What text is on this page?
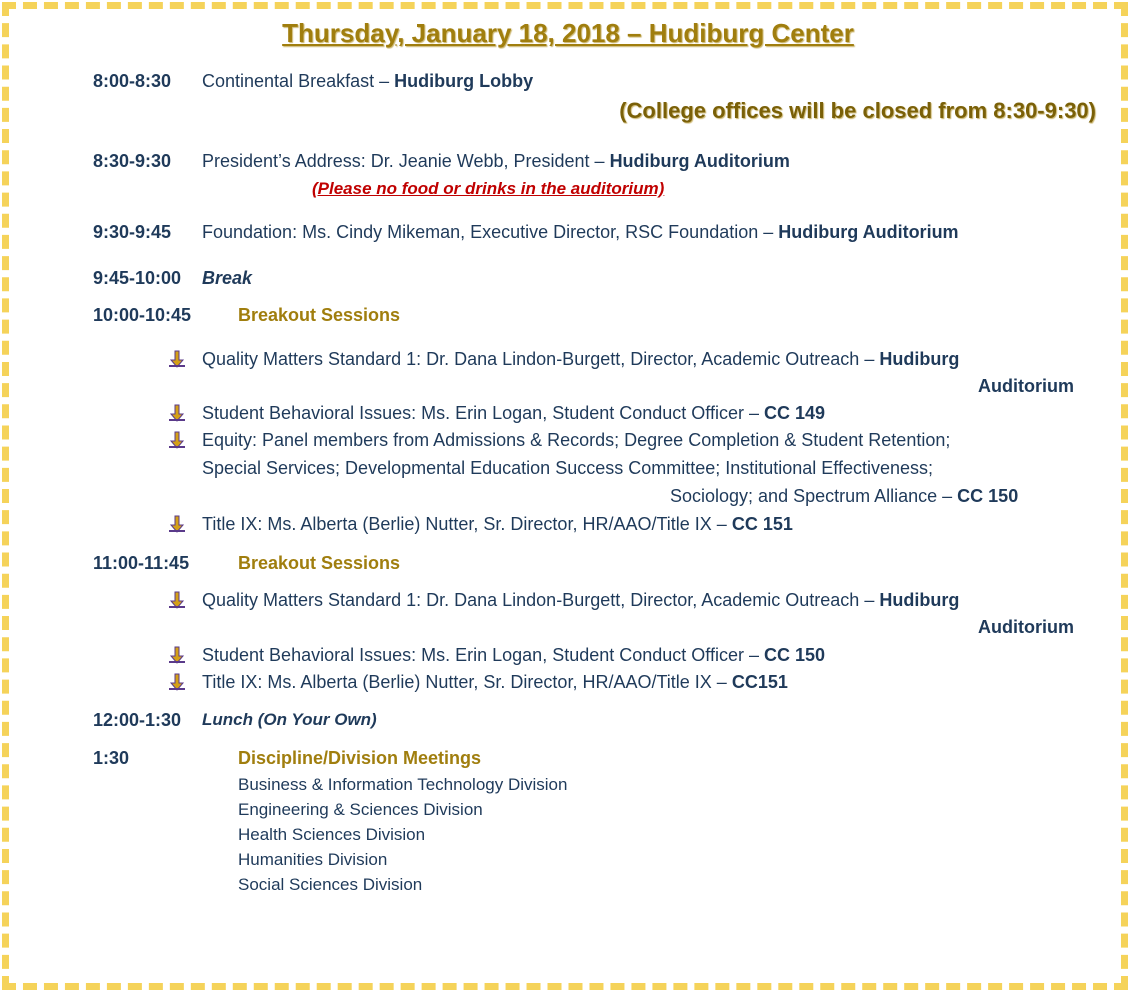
Thursday, January 18, 2018 – Hudiburg Center
8:00-8:30 Continental Breakfast – Hudiburg Lobby
(College offices will be closed from 8:30-9:30)
8:30-9:30 President’s Address: Dr. Jeanie Webb, President – Hudiburg Auditorium
(Please no food or drinks in the auditorium)
9:30-9:45 Foundation: Ms. Cindy Mikeman, Executive Director, RSC Foundation – Hudiburg Auditorium
9:45-10:00 Break
10:00-10:45	Breakout Sessions
Quality Matters Standard 1: Dr. Dana Lindon-Burgett, Director, Academic Outreach – Hudiburg
Auditorium
Student Behavioral Issues: Ms. Erin Logan, Student Conduct Officer – CC 149
Equity: Panel members from Admissions & Records; Degree Completion & Student Retention;
Special Services; Developmental Education Success Committee; Institutional Effectiveness;
Sociology; and Spectrum Alliance – CC 150
Title IX: Ms. Alberta (Berlie) Nutter, Sr. Director, HR/AAO/Title IX – CC 151
11:00-11:45	Breakout Sessions
Quality Matters Standard 1: Dr. Dana Lindon-Burgett, Director, Academic Outreach – Hudiburg
Auditorium
Student Behavioral Issues: Ms. Erin Logan, Student Conduct Officer – CC 150
Title IX: Ms. Alberta (Berlie) Nutter, Sr. Director, HR/AAO/Title IX – CC151
12:00-1:30 Lunch (On Your Own)
1:30	Discipline/Division Meetings
Business & Information Technology Division
Engineering & Sciences Division
Health Sciences Division
Humanities Division
Social Sciences Division
